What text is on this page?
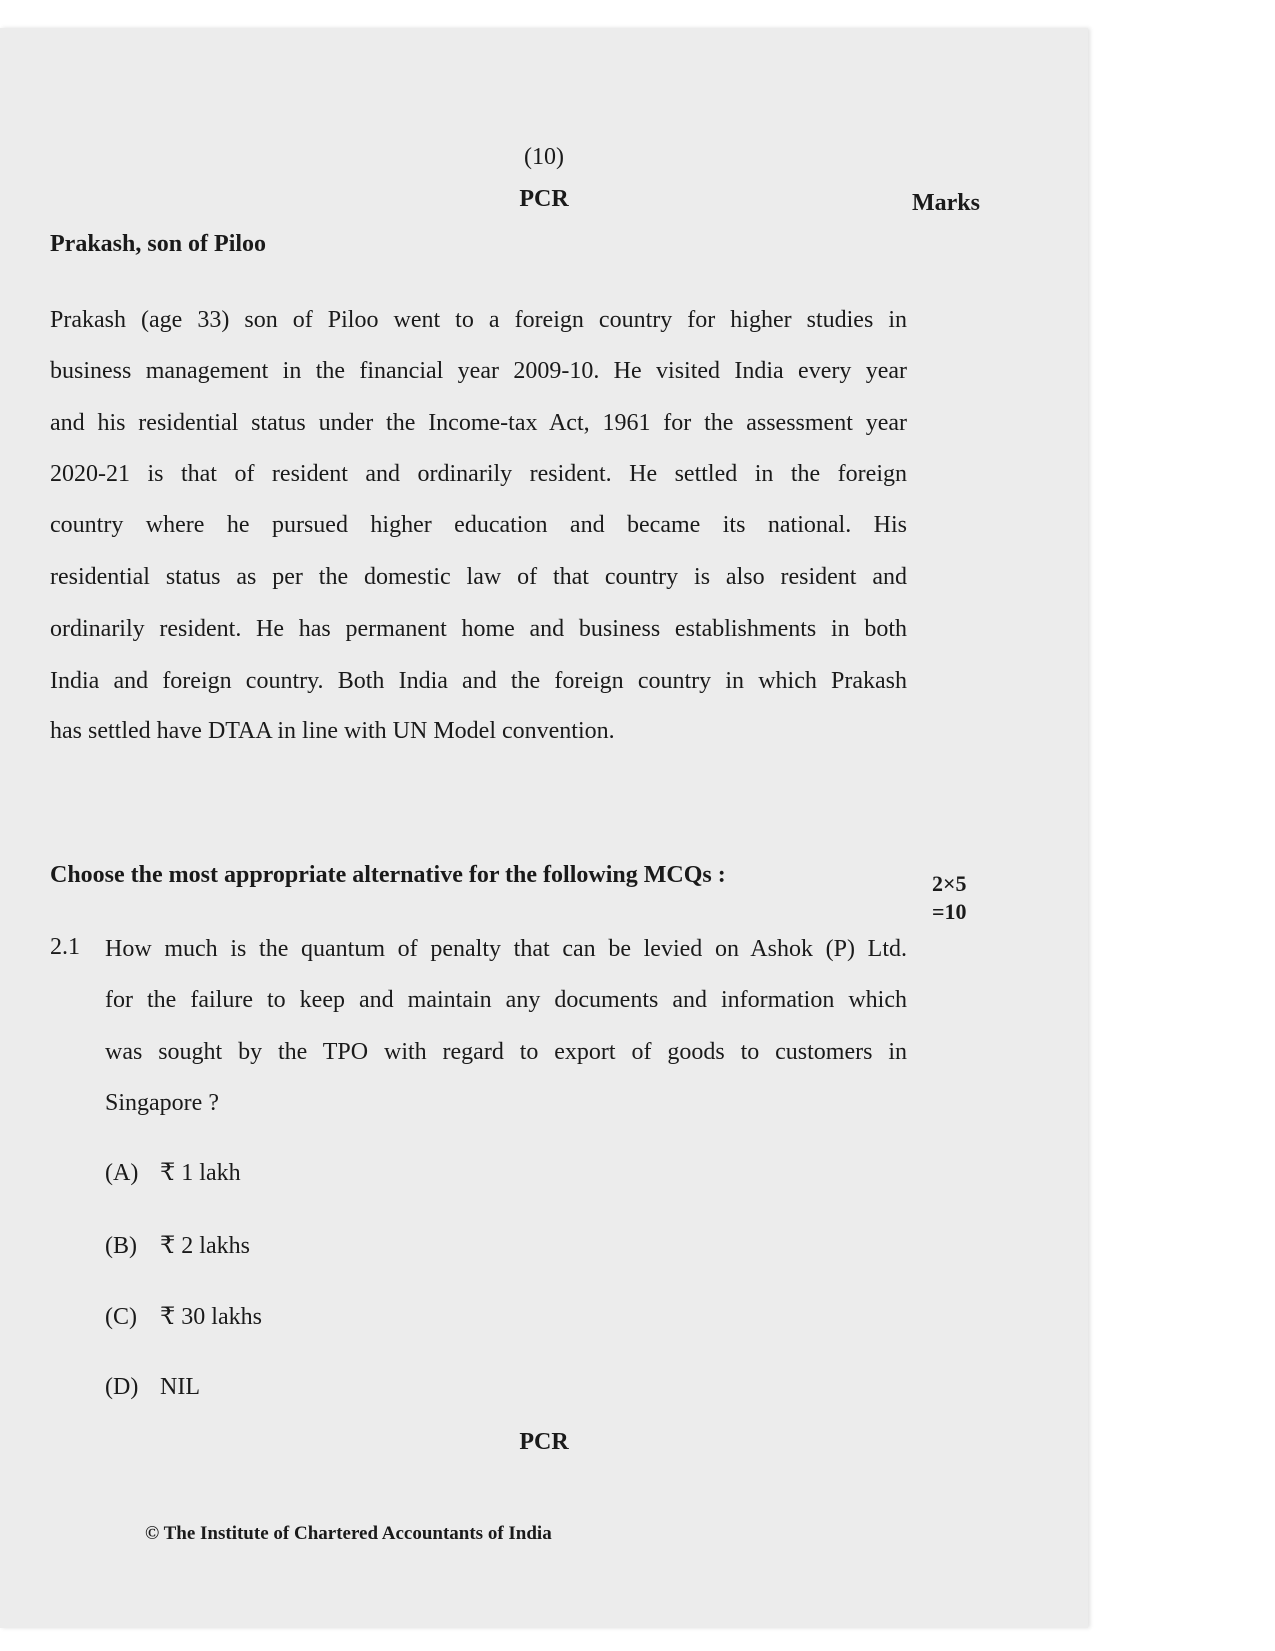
(10)

PCR	Marks

Prakash, son of Piloo

Prakash (age 33) son of Piloo went to a foreign country for higher studies in

business management in the financial year 2009-10. He visited India every year

and his residential status under the Income-tax Act, 1961 for the assessment year

2020-21 is that of resident and ordinarily resident. He settled in the foreign

country where he pursued higher education and became its national. His

residential status as per the domestic law of that country is also resident and

ordinarily resident. He has permanent home and business establishments in both

India and foreign country. Both India and the foreign country in which Prakash

has settled have DTAA in line with UN Model convention.

Choose the most appropriate alternative for the following MCQs :	2×5
=10

2.1 How much is the quantum of penalty that can be levied on Ashok (P) Ltd.

for the failure to keep and maintain any documents and information which

was sought by the TPO with regard to export of goods to customers in

Singapore ?

(A) ₹ 1 lakh
(B) ₹ 2 lakhs
(C) ₹ 30 lakhs
(D) NIL

PCR

© The Institute of Chartered Accountants of India
